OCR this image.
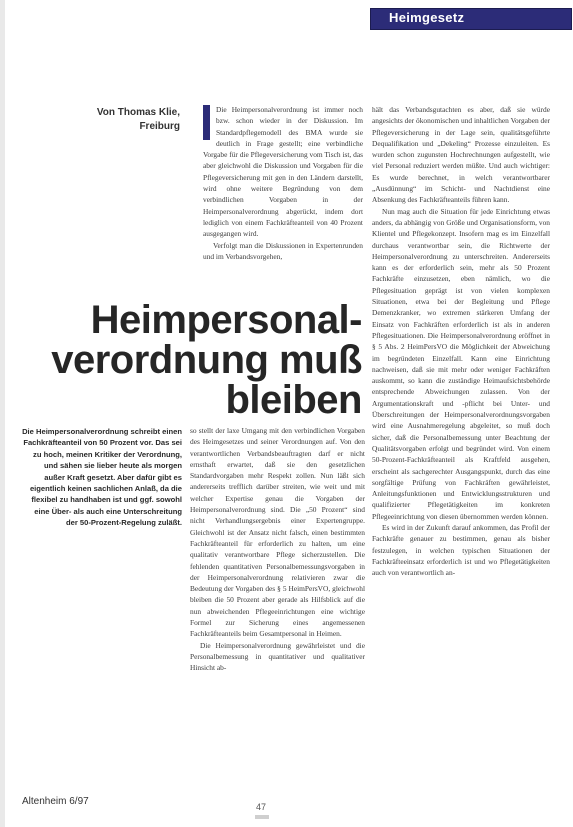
Heimgesetz
Von Thomas Klie,
Freiburg

Die Heimpersonalverordnung ist immer noch bzw. schon wieder in der Diskussion. Im Standardpflegemodell des BMA wurde sie deutlich in Frage gestellt; eine verbindliche Vorgabe für die Pflegeversicherung vom Tisch ist, das aber gleichwohl die Diskussion und Vorgaben für die Pflegeversicherung mit gen in den Ländern darstellt, wird ohne weitere Begründung von dem verbindlichen Vorgaben in der Heimpersonalverordnung abgerückt, indem dort lediglich von einem Fachkräfteanteil von 40 Prozent ausgegangen wird.

Verfolgt man die Diskussionen in Expertenrunden und im Verbandsvorgehen,

Heimpersonal-
verordnung muß
bleiben
Die Heimpersonalverordnung schreibt einen Fachkräfteanteil von 50 Prozent vor. Das sei zu hoch, meinen Kritiker der Verordnung, und sähen sie lieber heute als morgen außer Kraft gesetzt. Aber dafür gibt es eigentlich keinen sachlichen Anlaß, da die flexibel zu handhaben ist und ggf. sowohl eine Über- als auch eine Unterschreitung der 50-Prozent-Regelung zuläßt.

so stellt der laxe Umgang mit den verbindlichen Vorgaben des Heimgesetzes und seiner Verordnungen auf. Von den verantwortlichen Verbandsbeauftragten darf er nicht ernsthaft erwartet, daß sie den gesetzlichen Standardvorgaben mehr Respekt zollen. Nun läßt sich andererseits trefflich darüber streiten, wie weit und mit welcher Expertise genau die Vorgaben der Heimpersonalverordnung sind. Die „50 Prozent“ sind nicht Verhandlungsergebnis einer Expertengruppe. Gleichwohl ist der Ansatz nicht falsch, einen bestimmten Fachkräfteanteil für erforderlich zu halten, um eine qualitativ verantwortbare Pflege sicherzustellen. Die fehlenden quantitativen Personalbemessungsvorgaben in der Heimpersonalverordnung relativieren zwar die Bedeutung der Vorgaben des § 5 HeimPersVO, gleichwohl bleiben die 50 Prozent aber gerade als Hilfsblick auf die nun abweichenden Pflegeeinrichtungen eine wichtige Formel zur Sicherung eines angemessenen Fachkräfteanteils beim Gesamtpersonal in Heimen.

Die Heimpersonalverordnung gewährleistet und die Personalbemessung in quantitativer und qualitativer Hinsicht ab-

hält das Verbandsgutachten es aber, daß sie würde angesichts der ökonomischen und inhaltlichen Vorgaben der Pflegeversicherung in der Lage sein, qualitätsgeführte Dequalifikation und „Dekeling“ Prozesse einzuleiten. Es wurden schon zugunsten Hochrechnungen aufgestellt, wie viel Personal reduziert werden müßte. Und auch wichtiger: Es wurde berechnet, in welch verantwortbarer „Ausdünnung“ im Schicht- und Nachtdienst eine Absenkung des Fachkräfteanteils führen kann.

Nun mag auch die Situation für jede Einrichtung etwas anders, da abhängig von Größe und Organisationsform, von Klientel und Pflegekonzept. Insofern mag es im Einzelfall durchaus verantwortbar sein, die Richtwerte der Heimpersonalverordnung zu unterschreiten. Andererseits kann es der erforderlich sein, mehr als 50 Prozent Fachkräfte einzusetzen, eben nämlich, wo die Pflegesituation geprägt ist von vielen komplexen Situationen, etwa bei der Begleitung und Pflege Demenzkranker, wo extremen stärkeren Umfang der Einsatz von Fachkräften erforderlich ist als in anderen Pflegesituationen. Die Heimpersonalverordnung eröffnet in § 5 Abs. 2 HeimPersVO die Möglichkeit der Abweichung im begründeten Einzelfall. Kann eine Einrichtung nachweisen, daß sie mit mehr oder weniger Fachkräften auskommt, so kann die zuständige Heimaufsichtsbehörde entsprechende Abweichungen zulassen. Von der Argumentationskraft und -pflicht bei Unter- und Überschreitungen der Heimpersonalverordnungsvorgaben wird eine Ausnahmeregelung abgeleitet, so muß doch sicher, daß die Personalbemessung unter Beachtung der Qualitätsvorgaben erfolgt und begründet wird. Von einem 50-Prozent-Fachkräfteanteil als Kraftfeld ausgehen, erscheint als sachgerechter Ausgangspunkt, durch das eine sorgfältige Prüfung von Fachkräften gewährleistet, Anleitungsfunktionen und Entwicklungsstrukturen und qualifizierter Pflegetätigkeiten im konkreten Pflegeeinrichtung von diesen übernommen werden können.

Es wird in der Zukunft darauf ankommen, das Profil der Fachkräfte genauer zu bestimmen, genau als bisher festzulegen, in welchen typischen Situationen der Fachkräfteeinsatz erforderlich ist und wo Pflegetätigkeiten auch von verantwortlich an-

Altenheim 6/97	47
